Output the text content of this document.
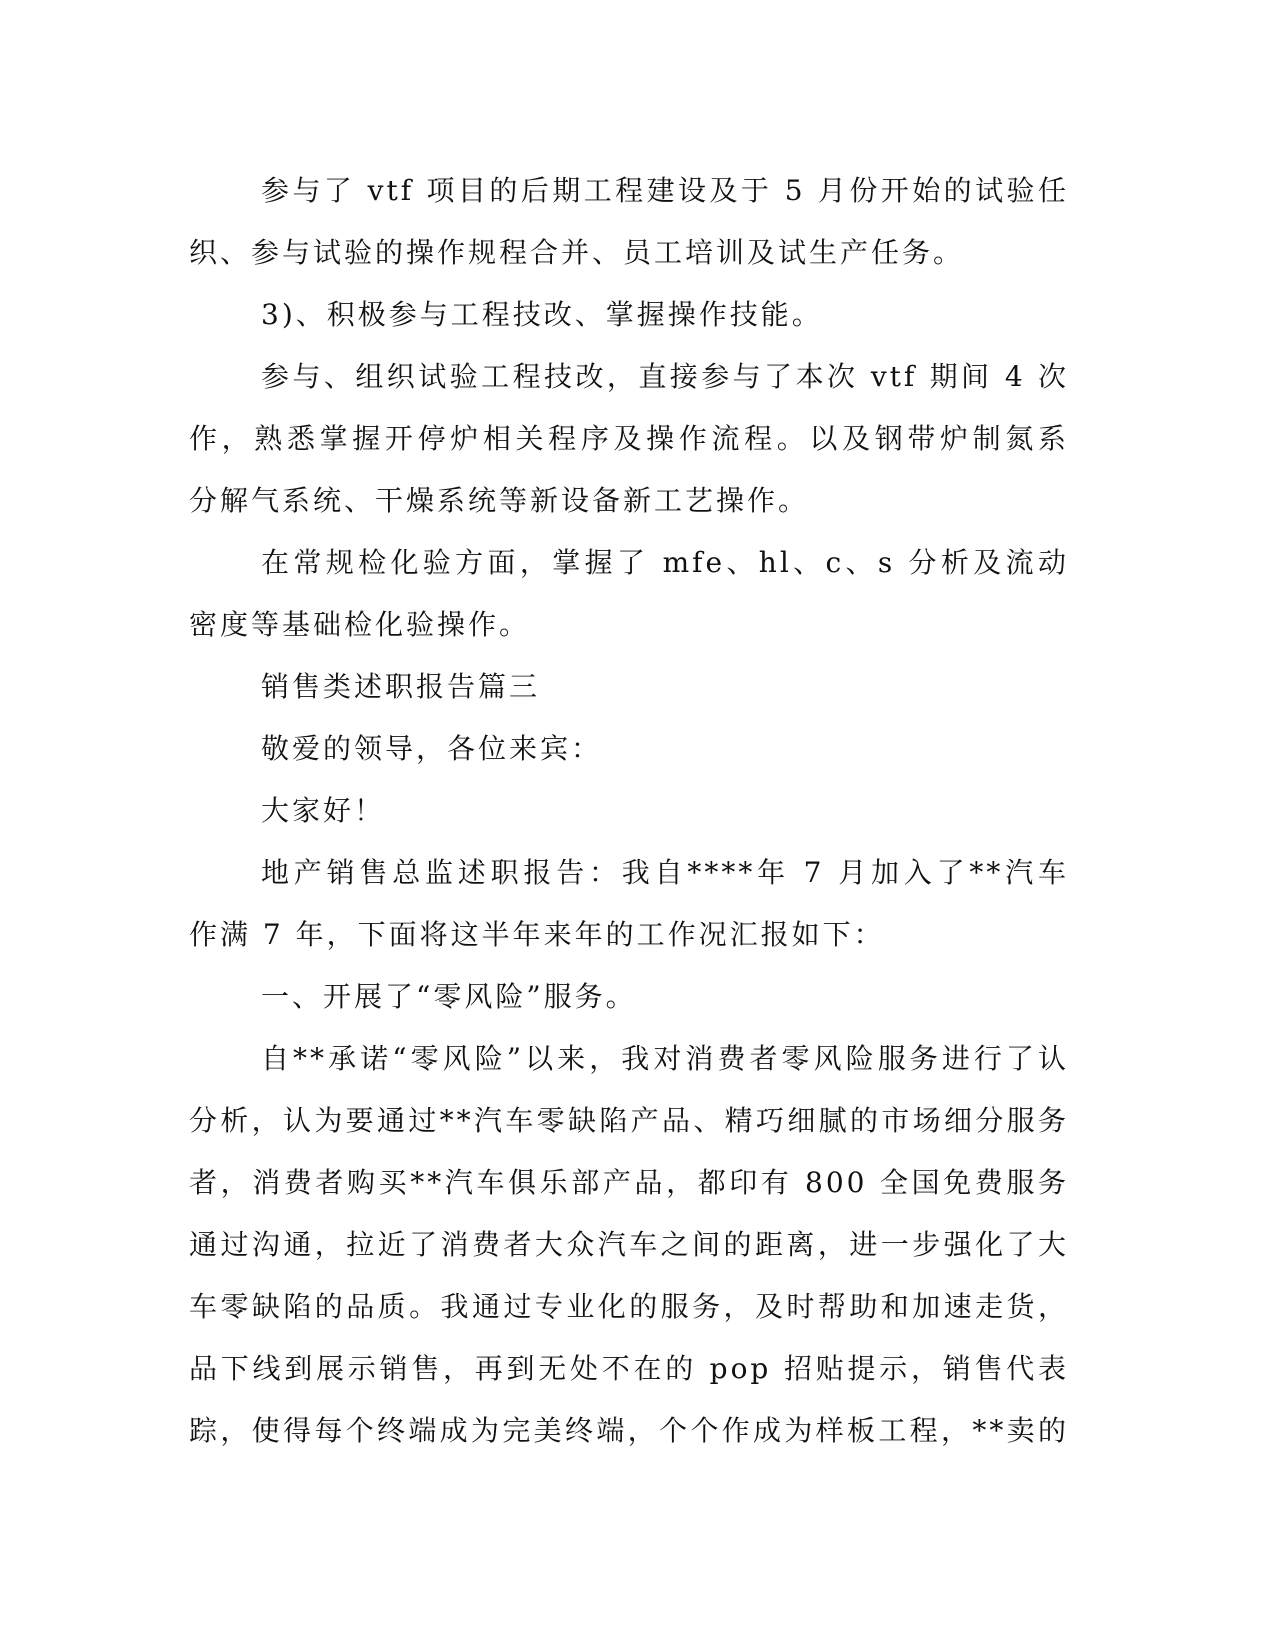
参与了 vtf 项目的后期工程建设及于 5 月份开始的试验任
织、参与试验的操作规程合并、员工培训及试生产任务。
3)、积极参与工程技改、掌握操作技能。
参与、组织试验工程技改，直接参与了本次 vtf 期间 4 次
作，熟悉掌握开停炉相关程序及操作流程。以及钢带炉制氮系
分解气系统、干燥系统等新设备新工艺操作。
在常规检化验方面，掌握了 mfe、hl、c、s 分析及流动
密度等基础检化验操作。
销售类述职报告篇三
敬爱的领导，各位来宾：
大家好！
地产销售总监述职报告：我自****年 7 月加入了**汽车
作满 7 年，下面将这半年来年的工作况汇报如下：
一、开展了“零风险”服务。
自**承诺“零风险”以来，我对消费者零风险服务进行了认
分析，认为要通过**汽车零缺陷产品、精巧细腻的市场细分服务
者，消费者购买**汽车俱乐部产品，都印有 800 全国免费服务
通过沟通，拉近了消费者大众汽车之间的距离，进一步强化了大
车零缺陷的品质。我通过专业化的服务，及时帮助和加速走货，
品下线到展示销售，再到无处不在的 pop 招贴提示，销售代表
踪，使得每个终端成为完美终端，个个作成为样板工程，**卖的
